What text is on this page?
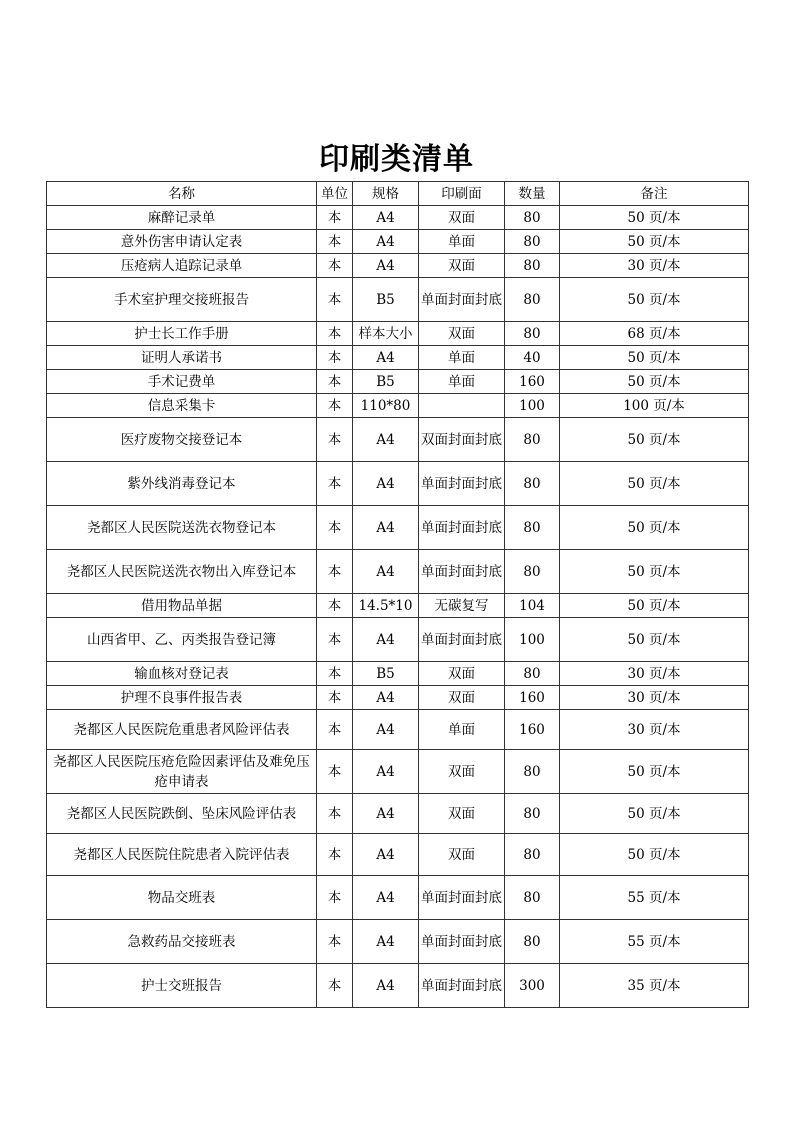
印刷类清单
名称	单位	规格	印刷面	数量	备注
麻醉记录单	本	A4	双面	80	50 页/本
意外伤害申请认定表	本	A4	单面	80	50 页/本
压疮病人追踪记录单	本	A4	双面	80	30 页/本
手术室护理交接班报告	本	B5	单面封面封底	80	50 页/本
护士长工作手册	本	样本大小	双面	80	68 页/本
证明人承诺书	本	A4	单面	40	50 页/本
手术记费单	本	B5	单面	160	50 页/本
信息采集卡	本	110*80		100	100 页/本
医疗废物交接登记本	本	A4	双面封面封底	80	50 页/本
紫外线消毒登记本	本	A4	单面封面封底	80	50 页/本
尧都区人民医院送洗衣物登记本	本	A4	单面封面封底	80	50 页/本
尧都区人民医院送洗衣物出入库登记本	本	A4	单面封面封底	80	50 页/本
借用物品单据	本	14.5*10	无碳复写	104	50 页/本
山西省甲、乙、丙类报告登记簿	本	A4	单面封面封底	100	50 页/本
输血核对登记表	本	B5	双面	80	30 页/本
护理不良事件报告表	本	A4	双面	160	30 页/本
尧都区人民医院危重患者风险评估表	本	A4	单面	160	30 页/本
尧都区人民医院压疮危险因素评估及难免压疮申请表	本	A4	双面	80	50 页/本
尧都区人民医院跌倒、坠床风险评估表	本	A4	双面	80	50 页/本
尧都区人民医院住院患者入院评估表	本	A4	双面	80	50 页/本
物品交班表	本	A4	单面封面封底	80	55 页/本
急救药品交接班表	本	A4	单面封面封底	80	55 页/本
护士交班报告	本	A4	单面封面封底	300	35 页/本
